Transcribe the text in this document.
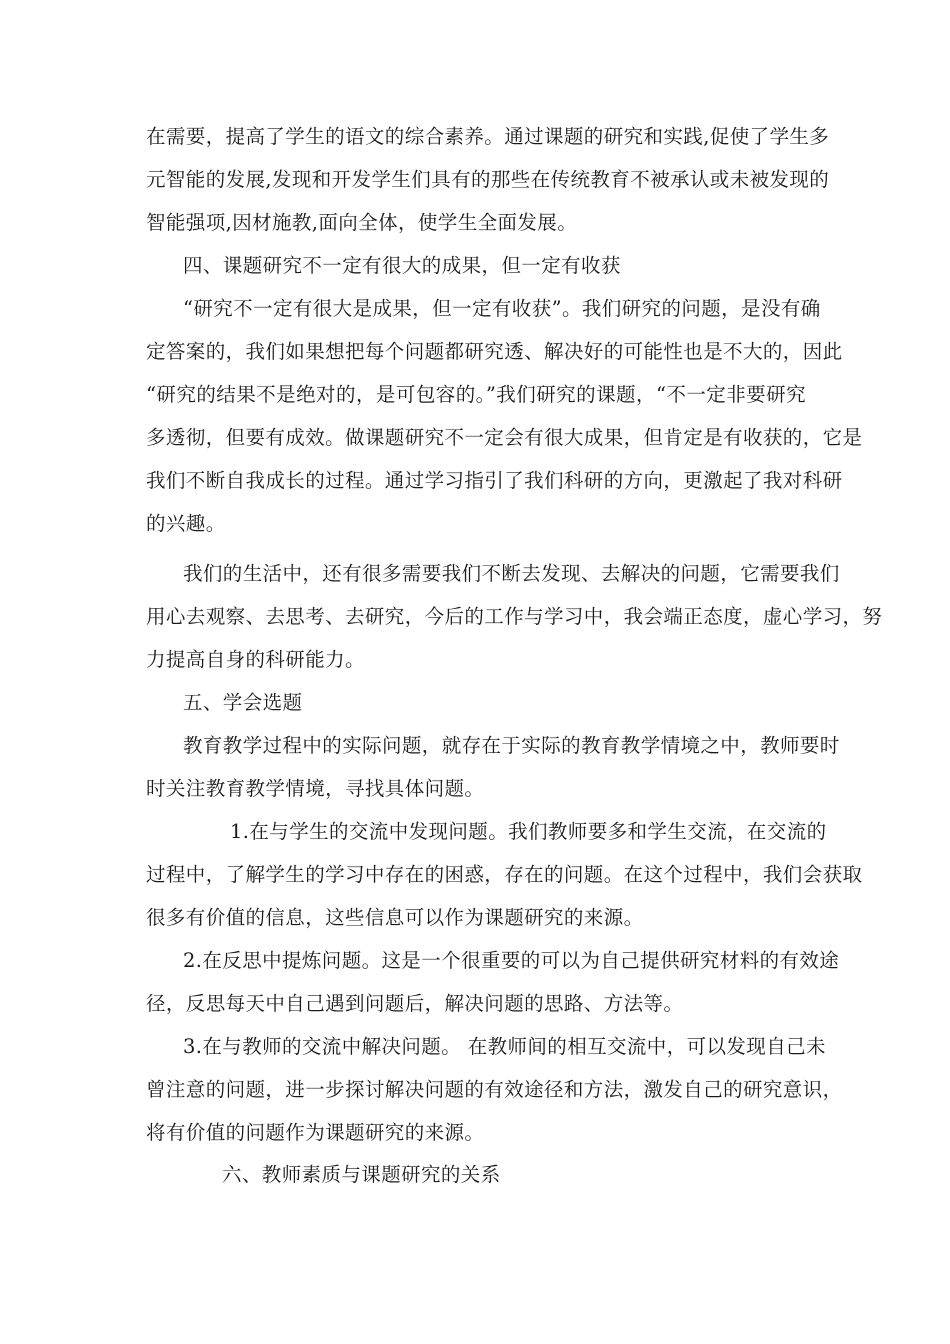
在需要，提高了学生的语文的综合素养。通过课题的研究和实践,促使了学生多
元智能的发展,发现和开发学生们具有的那些在传统教育不被承认或未被发现的
智能强项,因材施教,面向全体，使学生全面发展。
四、课题研究不一定有很大的成果，但一定有收获
“研究不一定有很大是成果，但一定有收获”。我们研究的问题，是没有确
定答案的，我们如果想把每个问题都研究透、解决好的可能性也是不大的，因此
“研究的结果不是绝对的，是可包容的。”我们研究的课题，“不一定非要研究
多透彻，但要有成效。做课题研究不一定会有很大成果，但肯定是有收获的，它是
我们不断自我成长的过程。通过学习指引了我们科研的方向，更激起了我对科研
的兴趣。
我们的生活中，还有很多需要我们不断去发现、去解决的问题，它需要我们
用心去观察、去思考、去研究，今后的工作与学习中，我会端正态度，虚心学习，努
力提高自身的科研能力。
五、学会选题
教育教学过程中的实际问题，就存在于实际的教育教学情境之中，教师要时
时关注教育教学情境，寻找具体问题。
1.在与学生的交流中发现问题。我们教师要多和学生交流，在交流的
过程中，了解学生的学习中存在的困惑，存在的问题。在这个过程中，我们会获取
很多有价值的信息，这些信息可以作为课题研究的来源。
2.在反思中提炼问题。这是一个很重要的可以为自己提供研究材料的有效途
径，反思每天中自己遇到问题后，解决问题的思路、方法等。
3.在与教师的交流中解决问题。 在教师间的相互交流中，可以发现自己未
曾注意的问题，进一步探讨解决问题的有效途径和方法，激发自己的研究意识，
将有价值的问题作为课题研究的来源。
六、教师素质与课题研究的关系
